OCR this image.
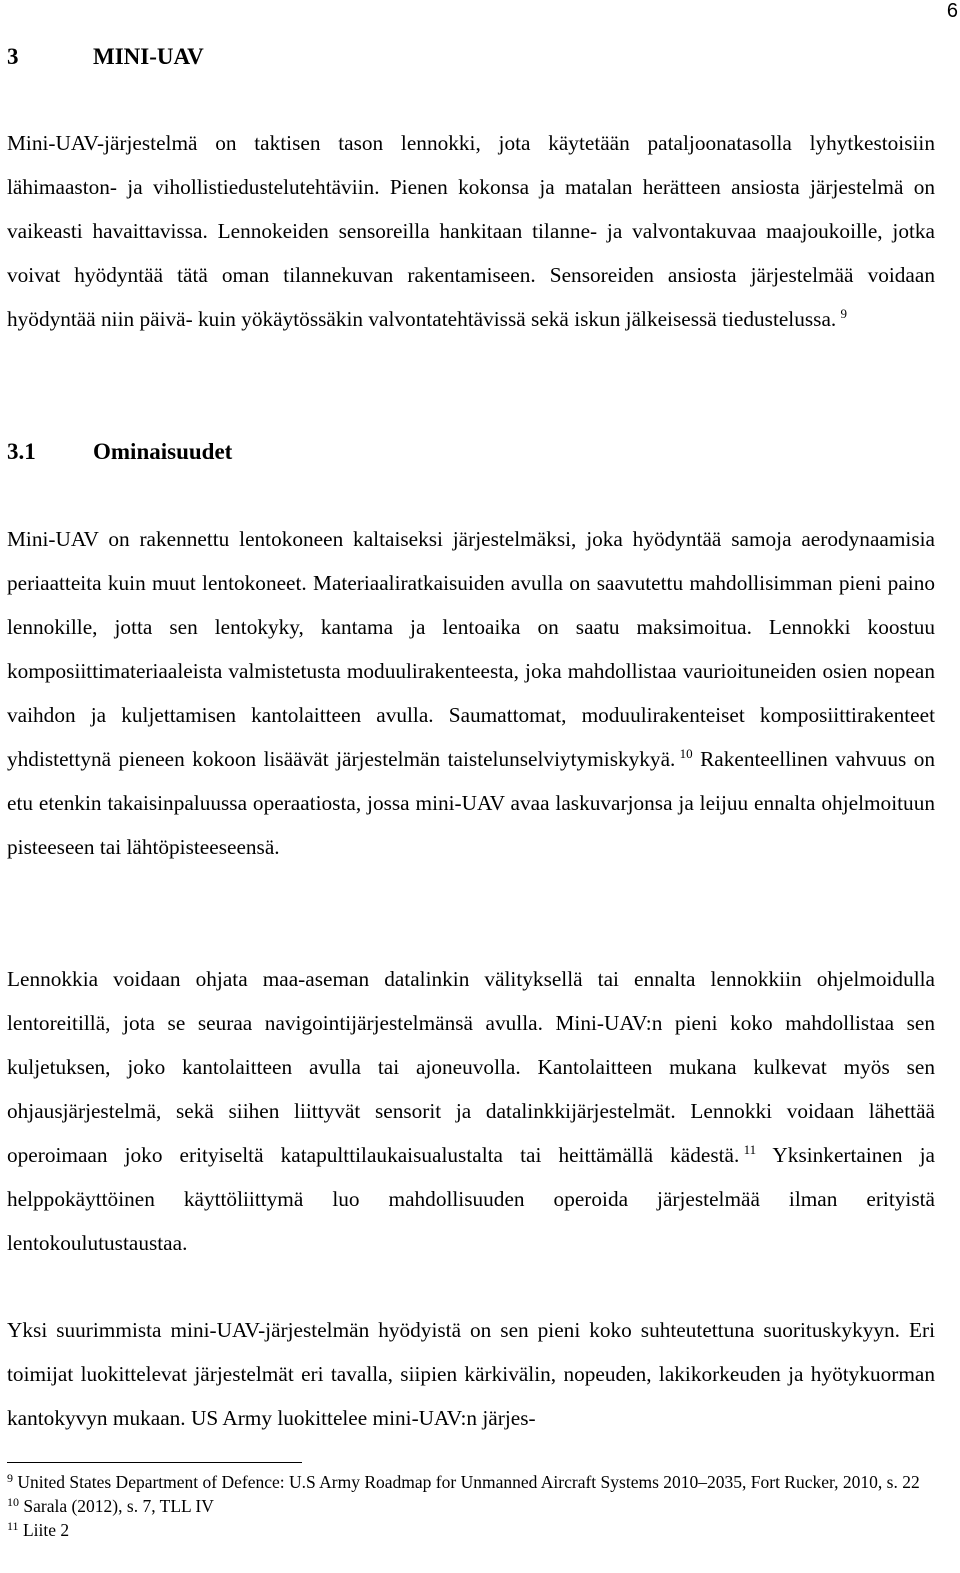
6
3	MINI-UAV

Mini-UAV-järjestelmä on taktisen tason lennokki, jota käytetään pataljoonatasolla lyhytkestoisiin lähimaaston- ja vihollistiedustelutehtäviin. Pienen kokonsa ja matalan herätteen ansiosta järjestelmä on vaikeasti havaittavissa. Lennokeiden sensoreilla hankitaan tilanne- ja valvontakuvaa maajoukoille, jotka voivat hyödyntää tätä oman tilannekuvan rakentamiseen. Sensoreiden ansiosta järjestelmää voidaan hyödyntää niin päivä- kuin yökäytössäkin valvontatehtävissä sekä iskun jälkeisessä tiedustelussa.  $^9$

3.1 Ominaisuudet

Mini-UAV on rakennettu lentokoneen kaltaiseksi järjestelmäksi, joka hyödyntää samoja aerodynaamisia periaatteita kuin muut lentokoneet. Materiaaliratkaisuiden avulla on saavutettu mahdollisimman pieni paino lennokille, jotta sen lentokyky, kantama ja lentoaika on saatu maksimoitua. Lennokki koostuu komposiittimateriaaleista valmistetusta moduulirakenteesta, joka mahdollistaa vaurioituneiden osien nopean vaihdon ja kuljettamisen kantolaitteen avulla. Saumattomat, moduulirakenteiset komposiittirakenteet yhdistettynä pieneen kokoon lisäävät järjestelmän taistelunselviytymiskykyä.  $^{10}$ Rakenteellinen vahvuus on etu etenkin takaisinpaluussa operaatiosta, jossa mini-UAV avaa laskuvarjonsa ja leijuu ennalta ohjelmoituun pisteeseen tai lähtöpisteeseensä.

Lennokkia voidaan ohjata maa-aseman datalinkin välityksellä tai ennalta lennokkiin ohjelmoidulla lentoreitillä, jota se seuraa navigointijärjestelmänsä avulla. Mini-UAV:n pieni koko mahdollistaa sen kuljetuksen, joko kantolaitteen avulla tai ajoneuvolla. Kantolaitteen mukana kulkevat myös sen ohjausjärjestelmä, sekä siihen liittyvät sensorit ja datalinkkijärjestelmät. Lennokki voidaan lähettää operoimaan joko erityiseltä katapulttilaukaisualustalta tai heittämällä kädestä.  $^{11}$ Yksinkertainen ja helppokäyttöinen käyttöliittymä luo mahdollisuuden operoida järjestelmää ilman erityistä lentokoulutustaustaa.

Yksi suurimmista mini-UAV-järjestelmän hyödyistä on sen pieni koko suhteutettuna suorituskykyyn. Eri toimijat luokittelevat järjestelmät eri tavalla, siipien kärkivälin, nopeuden, lakikorkeuden ja hyötykuorman kantokyvyn mukaan. US Army luokittelee mini-UAV:n järjes-

$^9$ United States Department of Defence: U.S Army Roadmap for Unmanned Aircraft Systems 2010–2035, Fort Rucker, 2010, s. 22

$^{10}$ Sarala (2012), s. 7, TLL IV

$^{11}$ Liite 2
